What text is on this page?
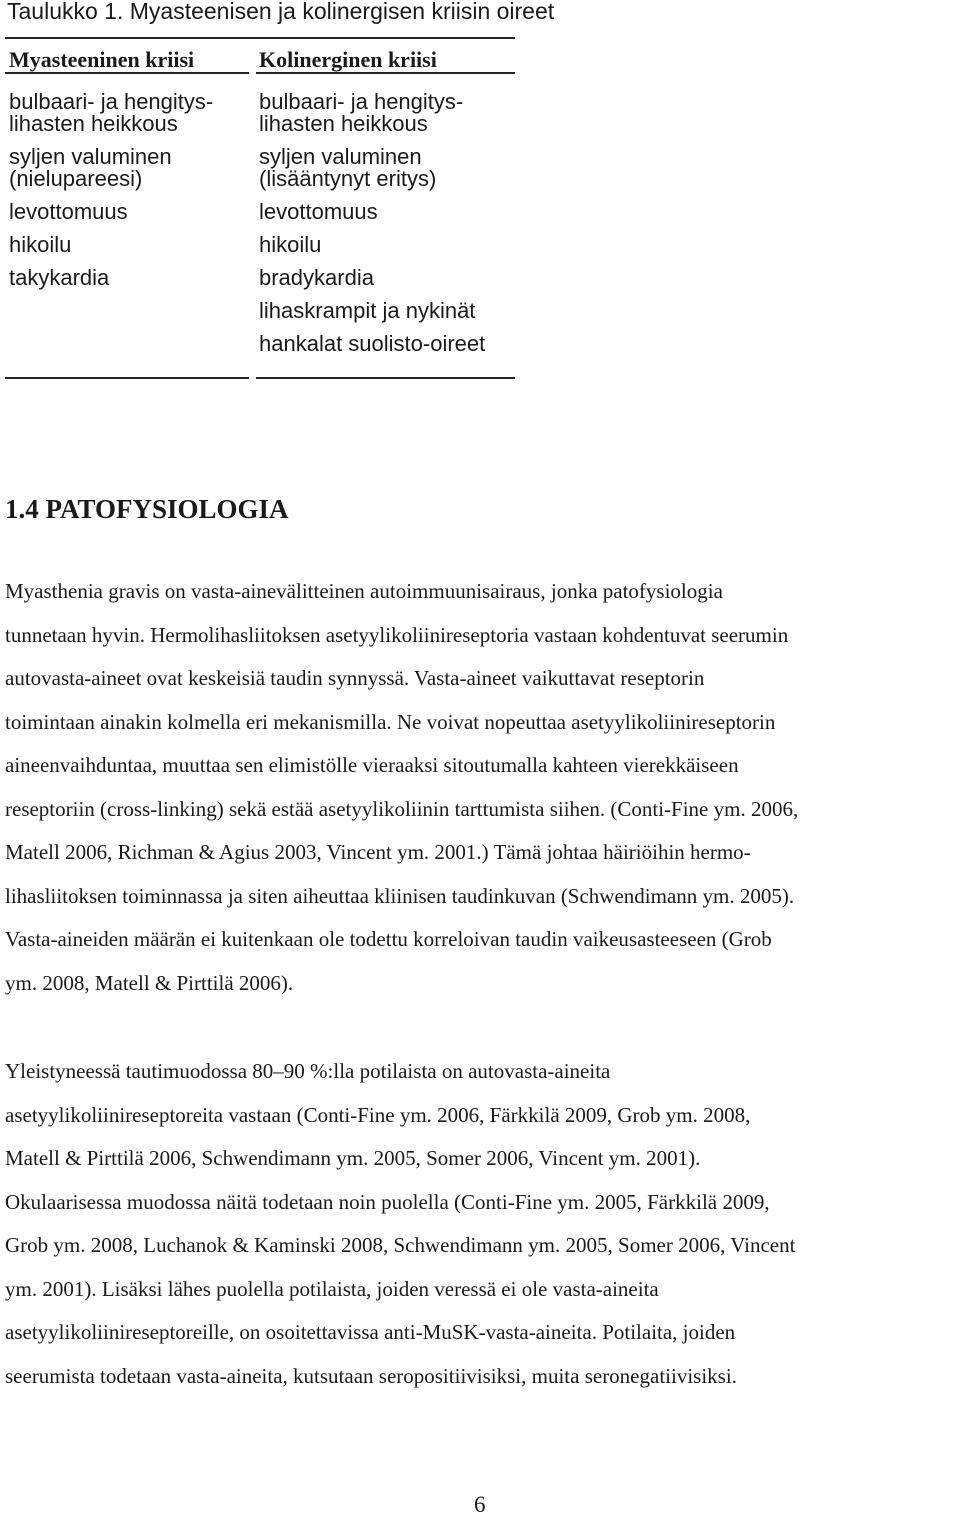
Taulukko 1. Myasteenisen ja kolinergisen kriisin oireet
Myasteeninen kriisi	Kolinerginen kriisi
bulbaari- ja hengitys-
lihasten heikkous
syljen valuminen
(nielupareesi)
levottomuus
hikoilu
takykardia
bulbaari- ja hengitys-
lihasten heikkous
syljen valuminen
(lisääntynyt eritys)
levottomuus
hikoilu
bradykardia
lihaskrampit ja nykinät
hankalat suolisto-oireet
1.4 PATOFYSIOLOGIA
Myasthenia gravis on vasta-ainevälitteinen autoimmuunisairaus, jonka patofysiologia
tunnetaan hyvin. Hermolihasliitoksen asetyylikoliinireseptoria vastaan kohdentuvat seerumin
autovasta-aineet ovat keskeisiä taudin synnyssä. Vasta-aineet vaikuttavat reseptorin
toimintaan ainakin kolmella eri mekanismilla. Ne voivat nopeuttaa asetyylikoliinireseptorin
aineenvaihduntaa, muuttaa sen elimistölle vieraaksi sitoutumalla kahteen vierekkäiseen
reseptoriin (cross-linking) sekä estää asetyylikoliinin tarttumista siihen. (Conti-Fine ym. 2006,
Matell 2006, Richman & Agius 2003, Vincent ym. 2001.) Tämä johtaa häiriöihin hermo-
lihasliitoksen toiminnassa ja siten aiheuttaa kliinisen taudinkuvan (Schwendimann ym. 2005).
Vasta-aineiden määrän ei kuitenkaan ole todettu korreloivan taudin vaikeusasteeseen (Grob
ym. 2008, Matell & Pirttilä 2006).
Yleistyneessä tautimuodossa 80–90 %:lla potilaista on autovasta-aineita
asetyylikoliinireseptoreita vastaan (Conti-Fine ym. 2006, Färkkilä 2009, Grob ym. 2008,
Matell & Pirttilä 2006, Schwendimann ym. 2005, Somer 2006, Vincent ym. 2001).
Okulaarisessa muodossa näitä todetaan noin puolella (Conti-Fine ym. 2005, Färkkilä 2009,
Grob ym. 2008, Luchanok & Kaminski 2008, Schwendimann ym. 2005, Somer 2006, Vincent
ym. 2001). Lisäksi lähes puolella potilaista, joiden veressä ei ole vasta-aineita
asetyylikoliinireseptoreille, on osoitettavissa anti-MuSK-vasta-aineita. Potilaita, joiden
seerumista todetaan vasta-aineita, kutsutaan seropositiivisiksi, muita seronegatiivisiksi.
6
